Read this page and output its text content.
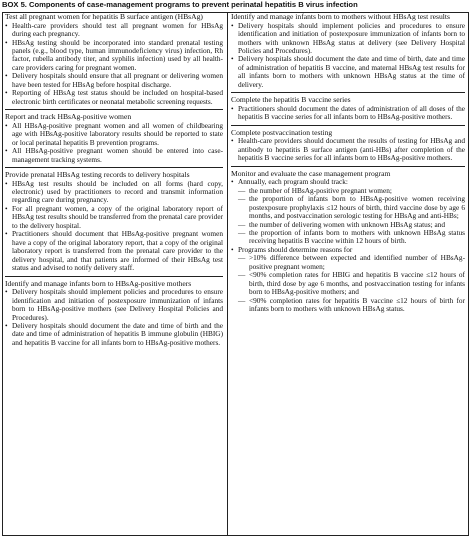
BOX 5. Components of case-management programs to prevent perinatal hepatitis B virus infection
Test all pregnant women for hepatitis B surface antigen (HBsAg)
• Health-care providers should test all pregnant women for HBsAg during each pregnancy.
• HBsAg testing should be incorporated into standard prenatal testing panels (e.g., blood type, human immunodeficiency virus) infection, Rh factor, rubella antibody titer, and syphilis infection) used by all health-care providers caring for pregnant women.
• Delivery hospitals should ensure that all pregnant or delivering women have been tested for HBsAg before hospital discharge.
• Reporting of HBsAg test status should be included on hospital-based electronic birth certificates or neonatal metabolic screening requests.
Report and track HBsAg-positive women
• All HBsAg-positive pregnant women and all women of childbearing age with HBsAg-positive laboratory results should be reported to state or local perinatal hepatitis B prevention programs.
• All HBsAg-positive pregnant women should be entered into case-management tracking systems.
Provide prenatal HBsAg testing records to delivery hospitals
• HBsAg test results should be included on all forms (hard copy, electronic) used by practitioners to record and transmit information regarding care during pregnancy.
• For all pregnant women, a copy of the original laboratory report of HBsAg test results should be transferred from the prenatal care provider to the delivery hospital.
• Practitioners should document that HBsAg-positive pregnant women have a copy of the original laboratory report, that a copy of the original laboratory report is transferred from the prenatal care provider to the delivery hospital, and that patients are informed of their HBsAg test status and advised to notify delivery staff.
Identify and manage infants born to HBsAg-positive mothers
• Delivery hospitals should implement policies and procedures to ensure identification and initiation of postexposure immunization of infants born to HBsAg-positive mothers (see Delivery Hospital Policies and Procedures).
• Delivery hospitals should document the date and time of birth and the date and time of administration of hepatitis B immune globulin (HBIG) and hepatitis B vaccine for all infants born to HBsAg-positive mothers.
Identify and manage infants born to mothers without HBsAg test results
• Delivery hospitals should implement policies and procedures to ensure identification and initiation of postexposure immunization of infants born to mothers with unknown HBsAg status at delivery (see Delivery Hospital Policies and Procedures).
• Delivery hospitals should document the date and time of birth, date and time of administration of hepatitis B vaccine, and maternal HBsAg test results for all infants born to mothers with unknown HBsAg status at the time of delivery.
Complete the hepatitis B vaccine series
• Practitioners should document the dates of administration of all doses of the hepatitis B vaccine series for all infants born to HBsAg-positive mothers.
Complete postvaccination testing
• Health-care providers should document the results of testing for HBsAg and antibody to hepatitis B surface antigen (anti-HBs) after completion of the hepatitis B vaccine series for all infants born to HBsAg-positive mothers.
Monitor and evaluate the case management program
• Annually, each program should track:
— the number of HBsAg-positive pregnant women;
— the proportion of infants born to HBsAg-positive women receiving postexposure prophylaxis ≤12 hours of birth, third vaccine dose by age 6 months, and postvaccination serologic testing for HBsAg and anti-HBs;
— the number of delivering women with unknown HBsAg status; and
— the proportion of infants born to mothers with unknown HBsAg status receiving hepatitis B vaccine within 12 hours of birth.
• Programs should determine reasons for
— >10% difference between expected and identified number of HBsAg-positive pregnant women;
— <90% completion rates for HBIG and hepatitis B vaccine ≤12 hours of birth, third dose by age 6 months, and postvaccination testing for infants born to HBsAg-positive mothers; and
— <90% completion rates for hepatitis B vaccine ≤12 hours of birth for infants born to mothers with unknown HBsAg status.
